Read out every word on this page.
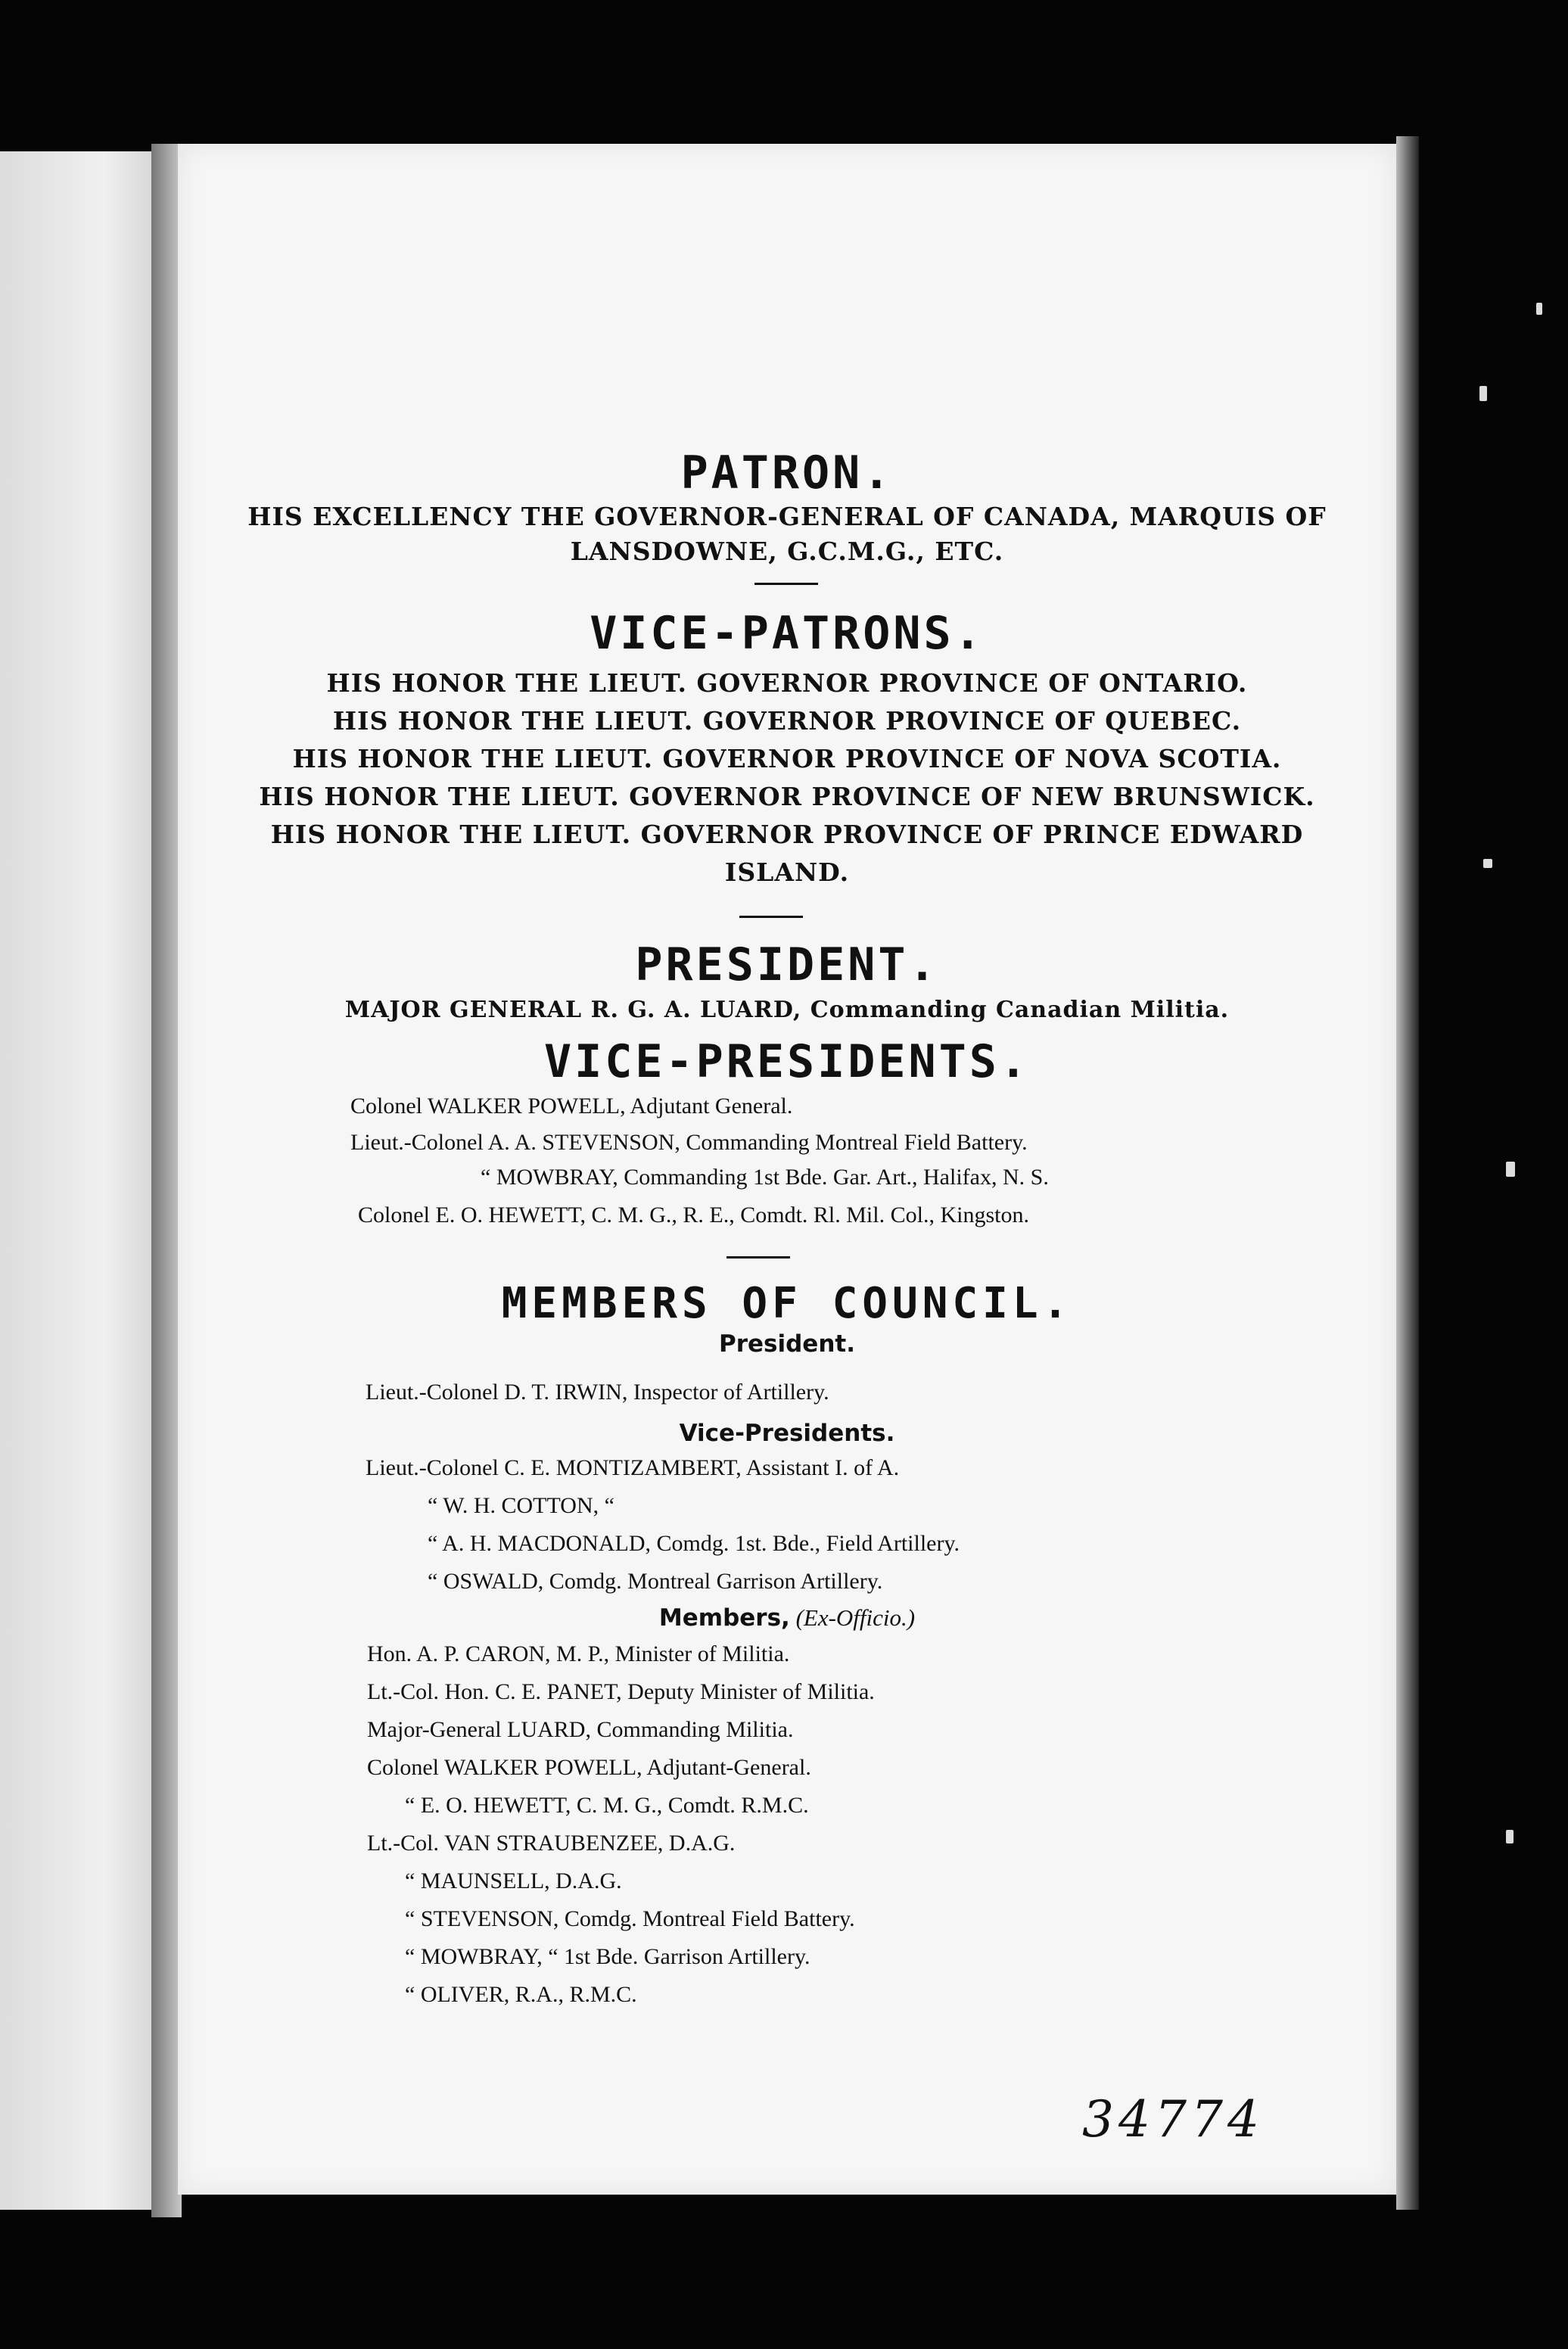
PATRON.
HIS EXCELLENCY THE GOVERNOR-GENERAL OF CANADA, MARQUIS OF
LANSDOWNE, G.C.M.G., ETC.
VICE-PATRONS.
HIS HONOR THE LIEUT. GOVERNOR PROVINCE OF ONTARIO.
HIS HONOR THE LIEUT. GOVERNOR PROVINCE OF QUEBEC.
HIS HONOR THE LIEUT. GOVERNOR PROVINCE OF NOVA SCOTIA.
HIS HONOR THE LIEUT. GOVERNOR PROVINCE OF NEW BRUNSWICK.
HIS HONOR THE LIEUT. GOVERNOR PROVINCE OF PRINCE EDWARD
ISLAND.
PRESIDENT.
MAJOR GENERAL R. G. A. LUARD, Commanding Canadian Militia.
VICE-PRESIDENTS.
Colonel WALKER POWELL, Adjutant General.
Lieut.-Colonel A. A. STEVENSON, Commanding Montreal Field Battery.
“ MOWBRAY, Commanding 1st Bde. Gar. Art., Halifax, N. S.
Colonel E. O. HEWETT, C. M. G., R. E., Comdt. Rl. Mil. Col., Kingston.
MEMBERS OF COUNCIL.
President.
Lieut.-Colonel D. T. IRWIN, Inspector of Artillery.
Vice-Presidents.
Lieut.-Colonel C. E. MONTIZAMBERT, Assistant I. of A.
“ W. H. COTTON, “
“ A. H. MACDONALD, Comdg. 1st. Bde., Field Artillery.
“ OSWALD, Comdg. Montreal Garrison Artillery.
Members, (Ex-Officio.)
Hon. A. P. CARON, M. P., Minister of Militia.
Lt.-Col. Hon. C. E. PANET, Deputy Minister of Militia.
Major-General LUARD, Commanding Militia.
Colonel WALKER POWELL, Adjutant-General.
“ E. O. HEWETT, C. M. G., Comdt. R.M.C.
Lt.-Col. VAN STRAUBENZEE, D.A.G.
“ MAUNSELL, D.A.G.
“ STEVENSON, Comdg. Montreal Field Battery.
“ MOWBRAY, “ 1st Bde. Garrison Artillery.
“ OLIVER, R.A., R.M.C.
34774
